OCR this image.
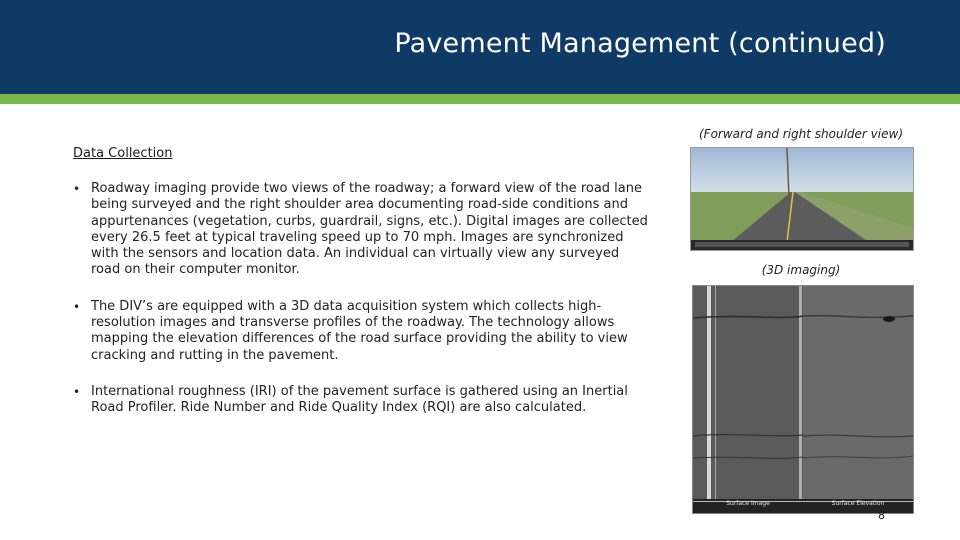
Pavement Management (continued)
Data Collection
• Roadway imaging provide two views of the roadway; a forward view of the road lane being surveyed and the right shoulder area documenting road-side conditions and appurtenances (vegetation, curbs, guardrail, signs, etc.). Digital images are collected every 26.5 feet at typical traveling speed up to 70 mph. Images are synchronized with the sensors and location data. An individual can virtually view any surveyed road on their computer monitor.
• The DIV’s are equipped with a 3D data acquisition system which collects high-resolution images and transverse profiles of the roadway. The technology allows mapping the elevation differences of the road surface providing the ability to view cracking and rutting in the pavement.
• International roughness (IRI) of the pavement surface is gathered using an Inertial Road Profiler. Ride Number and Ride Quality Index (RQI) are also calculated.
(Forward and right shoulder view)
(3D imaging)
Surface Image	Surface Elevation
8
